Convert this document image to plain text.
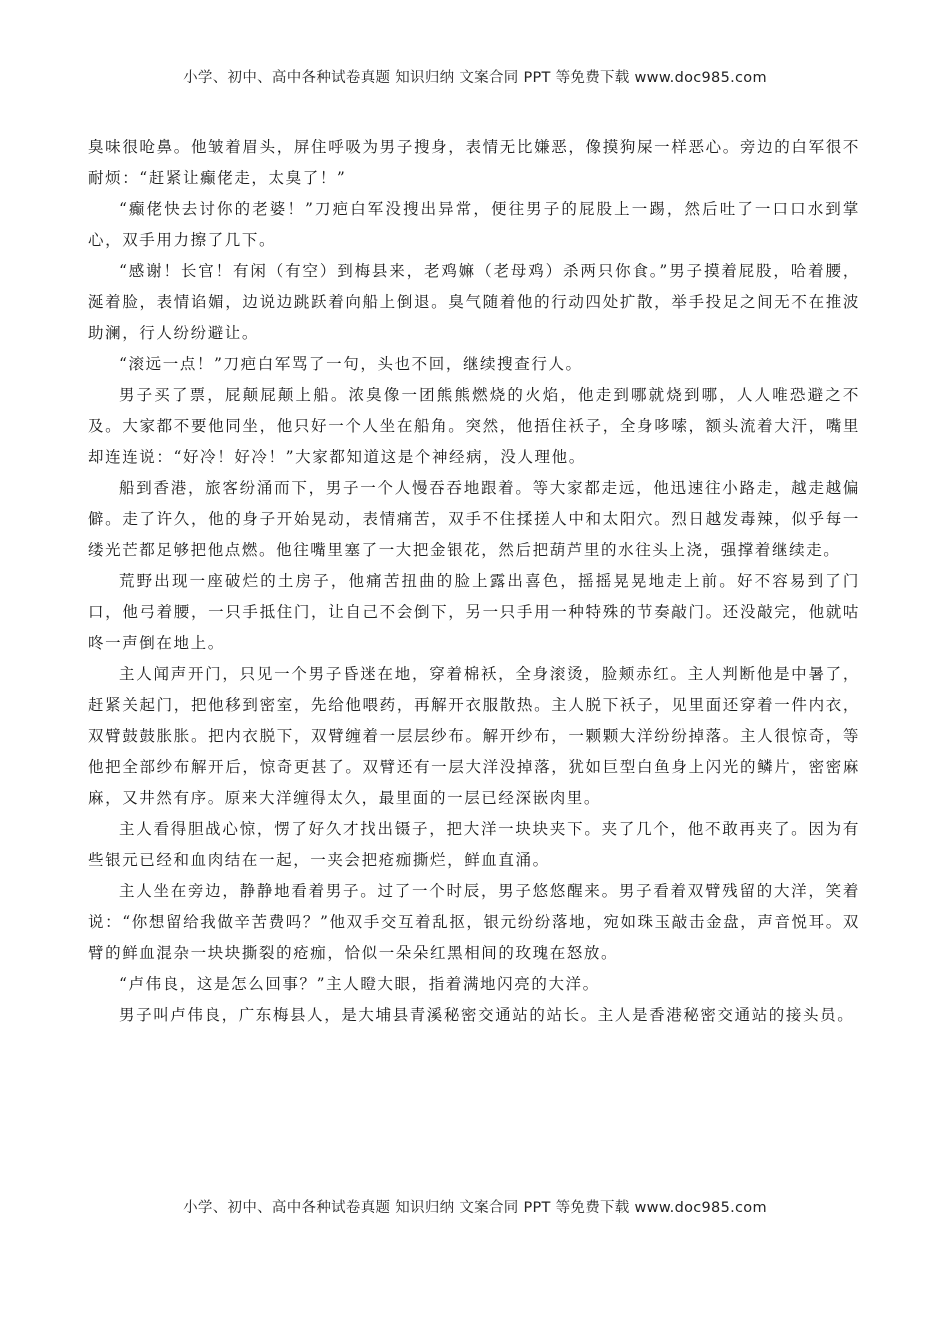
小学、初中、高中各种试卷真题 知识归纳 文案合同 PPT 等免费下载 www.doc985.com

臭味很呛鼻。他皱着眉头，屏住呼吸为男子搜身，表情无比嫌恶，像摸狗屎一样恶心。旁边的白军很不耐烦：“赶紧让癫佬走，太臭了！”

“癫佬快去讨你的老婆！”刀疤白军没搜出异常，便往男子的屁股上一踢，然后吐了一口口水到掌心，双手用力擦了几下。

“感谢！长官！有闲（有空）到梅县来，老鸡嫲（老母鸡）杀两只你食。”男子摸着屁股，哈着腰，涎着脸，表情谄媚，边说边跳跃着向船上倒退。臭气随着他的行动四处扩散，举手投足之间无不在推波助澜，行人纷纷避让。

“滚远一点！”刀疤白军骂了一句，头也不回，继续搜查行人。

男子买了票，屁颠屁颠上船。浓臭像一团熊熊燃烧的火焰，他走到哪就烧到哪，人人唯恐避之不及。大家都不要他同坐，他只好一个人坐在船角。突然，他捂住袄子，全身哆嗦，额头流着大汗，嘴里却连连说：“好冷！好冷！”大家都知道这是个神经病，没人理他。

船到香港，旅客纷涌而下，男子一个人慢吞吞地跟着。等大家都走远，他迅速往小路走，越走越偏僻。走了许久，他的身子开始晃动，表情痛苦，双手不住揉搓人中和太阳穴。烈日越发毒辣，似乎每一缕光芒都足够把他点燃。他往嘴里塞了一大把金银花，然后把葫芦里的水往头上浇，强撑着继续走。

荒野出现一座破烂的土房子，他痛苦扭曲的脸上露出喜色，摇摇晃晃地走上前。好不容易到了门口，他弓着腰，一只手抵住门，让自己不会倒下，另一只手用一种特殊的节奏敲门。还没敲完，他就咕咚一声倒在地上。

主人闻声开门，只见一个男子昏迷在地，穿着棉袄，全身滚烫，脸颊赤红。主人判断他是中暑了，赶紧关起门，把他移到密室，先给他喂药，再解开衣服散热。主人脱下袄子，见里面还穿着一件内衣，双臂鼓鼓胀胀。把内衣脱下，双臂缠着一层层纱布。解开纱布，一颗颗大洋纷纷掉落。主人很惊奇，等他把全部纱布解开后，惊奇更甚了。双臂还有一层大洋没掉落，犹如巨型白鱼身上闪光的鳞片，密密麻麻，又井然有序。原来大洋缠得太久，最里面的一层已经深嵌肉里。

主人看得胆战心惊，愣了好久才找出镊子，把大洋一块块夹下。夹了几个，他不敢再夹了。因为有些银元已经和血肉结在一起，一夹会把疮痂撕烂，鲜血直涌。

主人坐在旁边，静静地看着男子。过了一个时辰，男子悠悠醒来。男子看着双臂残留的大洋，笑着说：“你想留给我做辛苦费吗？”他双手交互着乱抠，银元纷纷落地，宛如珠玉敲击金盘，声音悦耳。双臂的鲜血混杂一块块撕裂的疮痂，恰似一朵朵红黑相间的玫瑰在怒放。

“卢伟良，这是怎么回事？”主人瞪大眼，指着满地闪亮的大洋。

男子叫卢伟良，广东梅县人，是大埔县青溪秘密交通站的站长。主人是香港秘密交通站的接头员。

小学、初中、高中各种试卷真题 知识归纳 文案合同 PPT 等免费下载 www.doc985.com
